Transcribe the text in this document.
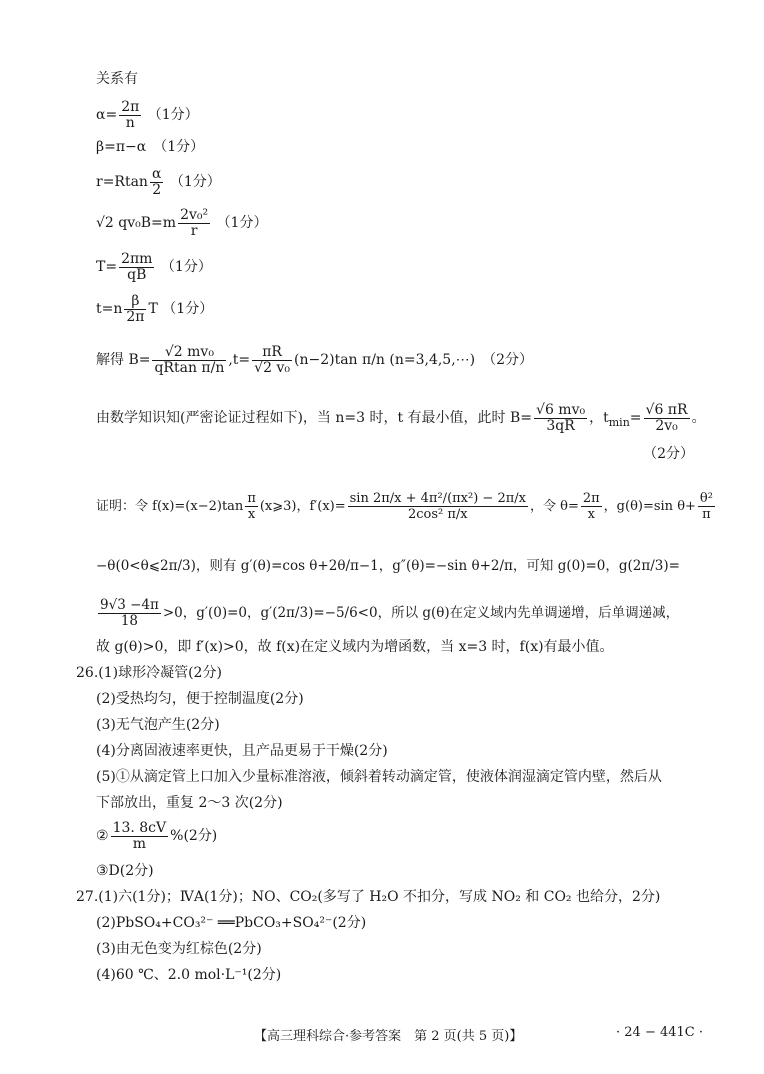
关系有
$\alpha= \frac{2\pi}{n} (1$分）
β=π−α　（1分）
$r=Rtan \frac{\alpha}{2} (1$分）
√2 $qv_0B=m \frac{\text{2v₀²}}{r} (1$分）
$T= \frac{2\pi m}{qB} (1$分）
$t=n \frac{\beta}{2\pi}$ T （1分）
解得 $B= \frac{\text{√2 mv₀}}{\text{qRtan π/n}} ,t= \frac{\pi R}{\text{√2 v₀}} (n-2)\tan$ π/n (n=3,4,5,⋯)　（2分）
由数学知识知(严密论证过程如下)，当 n=3 时，t 有最小值，此时 $B= \frac{\text{√6 mv₀}}{3qR}$ ，$t_{min}= \frac{√6 \pi R}{\text{2v₀}}$ 。
（2分）
证明：令 $f(x)=(x-2)\tan \frac{\pi}{x}$ (x⩾3)，$f'(x)= \frac{\text{sin 2π/x + 4π²/(πx²) − 2π/x}}{\text{2cos² π/x}}$ ，令 $\theta= \frac{2\pi}{x}$ ，g(θ)=sin $\theta+ \frac{\text{θ²}}{\pi}$
−θ(0<θ⩽2π/3)，则有 g′(θ)=cos θ+2θ/π−1，g″(θ)=−sin θ+2/π，可知 g(0)=0，g(2π/3)=
$\frac{9√3 -4\pi}{18} >0$，g′(0)=0，g′(2π/3)=−5/6<0，所以 g(θ)在定义域内先单调递增，后单调递减，
故 g(θ)>0，即 f′(x)>0，故 f(x)在定义域内为增函数，当 x=3 时，f(x)有最小值。
26.(1)球形冷凝管(2分)
(2)受热均匀，便于控制温度(2分)
(3)无气泡产生(2分)
(4)分离固液速率更快，且产品更易于干燥(2分)
(5)①从滴定管上口加入少量标准溶液，倾斜着转动滴定管，使液体润湿滴定管内壁，然后从
下部放出，重复 2～3 次(2分)
② $\frac{13. 8cV}{m} \%(2$分)
③D(2分)
27.(1)六(1分)；ⅣA(1分)；NO、CO₂(多写了 H₂O 不扣分，写成 NO₂ 和 CO₂ 也给分，2分)
(2)PbSO₄+CO₃²⁻ ══PbCO₃+SO₄²⁻(2分)
(3)由无色变为红棕色(2分)
(4)60 ℃、2.0 mol·L⁻¹(2分)
【高三理科综合·参考答案　第 2 页(共 5 页)】	· 24 − 441C ·
